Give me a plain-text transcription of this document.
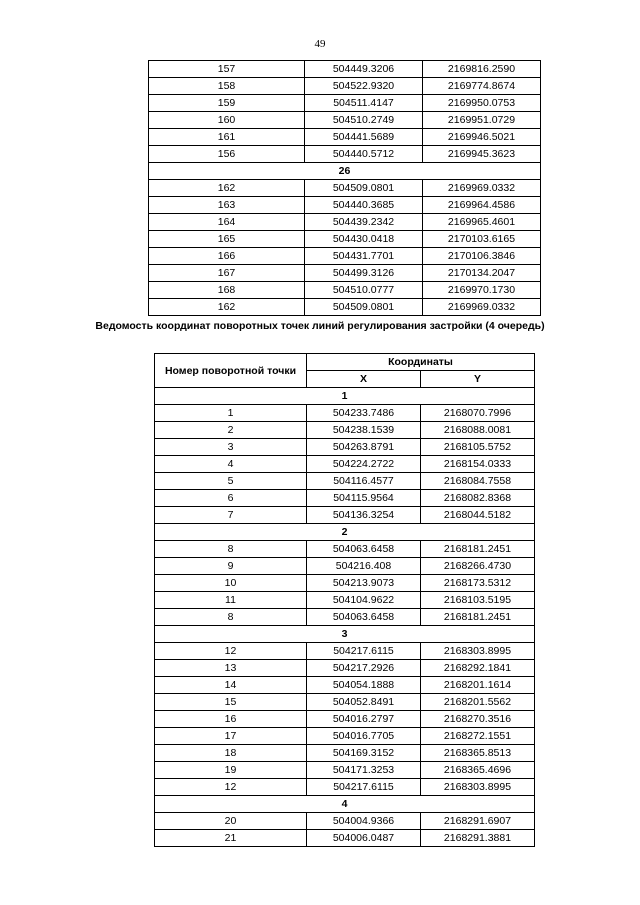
49
157	504449.3206	2169816.2590
158	504522.9320	2169774.8674
159	504511.4147	2169950.0753
160	504510.2749	2169951.0729
161	504441.5689	2169946.5021
156	504440.5712	2169945.3623
26		
162	504509.0801	2169969.0332
163	504440.3685	2169964.4586
164	504439.2342	2169965.4601
165	504430.0418	2170103.6165
166	504431.7701	2170106.3846
167	504499.3126	2170134.2047
168	504510.0777	2169970.1730
162	504509.0801	2169969.0332
Ведомость координат поворотных точек линий регулирования застройки (4 очередь)
Номер поворотной точки	Координаты	
	X	Y
1		
1	504233.7486	2168070.7996
2	504238.1539	2168088.0081
3	504263.8791	2168105.5752
4	504224.2722	2168154.0333
5	504116.4577	2168084.7558
6	504115.9564	2168082.8368
7	504136.3254	2168044.5182
2		
8	504063.6458	2168181.2451
9	504216.408	2168266.4730
10	504213.9073	2168173.5312
11	504104.9622	2168103.5195
8	504063.6458	2168181.2451
3		
12	504217.6115	2168303.8995
13	504217.2926	2168292.1841
14	504054.1888	2168201.1614
15	504052.8491	2168201.5562
16	504016.2797	2168270.3516
17	504016.7705	2168272.1551
18	504169.3152	2168365.8513
19	504171.3253	2168365.4696
12	504217.6115	2168303.8995
4		
20	504004.9366	2168291.6907
21	504006.0487	2168291.3881
